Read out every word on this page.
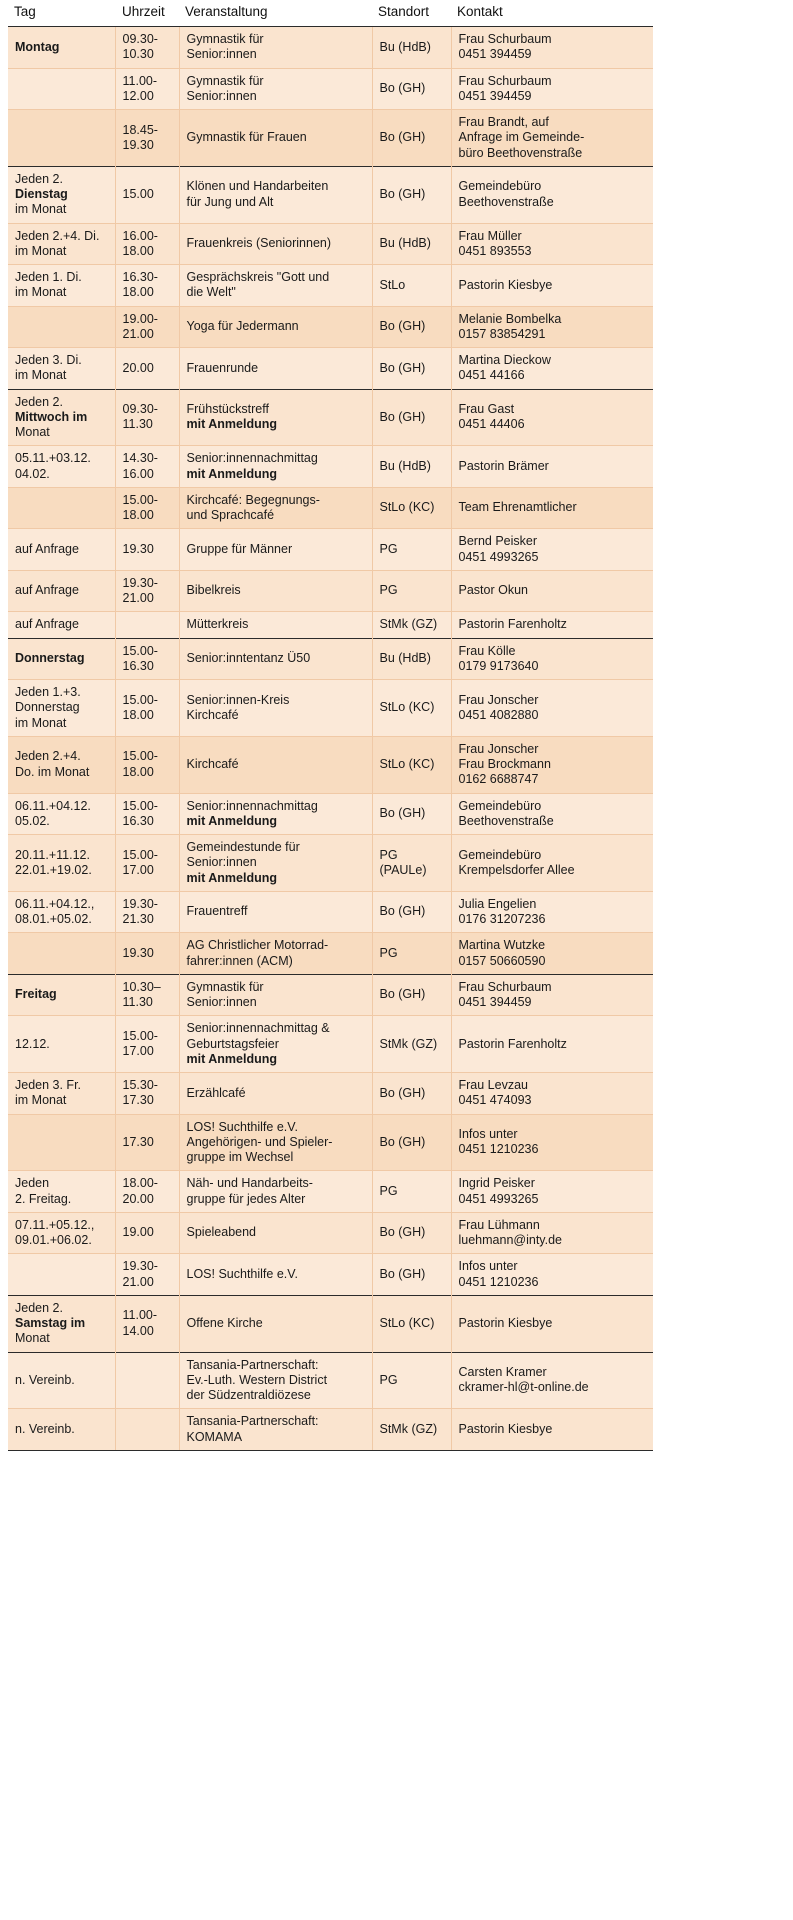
Tag	Uhrzeit	Veranstaltung	Standort	Kontakt

Montag	09.30-
10.30	Gymnastik für
Senior:innen	Bu (HdB)	Frau Schurbaum
0451 394459

	11.00-
12.00	Gymnastik für
Senior:innen	Bo (GH)	Frau Schurbaum
0451 394459

	18.45-
19.30	Gymnastik für Frauen	Bo (GH)	Frau Brandt, auf
Anfrage im Gemeinde-
büro Beethovenstraße

Jeden 2.
Dienstag
im Monat	15.00	Klönen und Handarbeiten
für Jung und Alt	Bo (GH)	Gemeindebüro
Beethovenstraße

Jeden 2.+4. Di.
im Monat	16.00-
18.00	Frauenkreis (Seniorinnen)	Bu (HdB)	Frau Müller
0451 893553

Jeden 1. Di.
im Monat	16.30-
18.00	Gesprächskreis "Gott und
die Welt"	StLo	Pastorin Kiesbye

	19.00-
21.00	Yoga für Jedermann	Bo (GH)	Melanie Bombelka
0157 83854291

Jeden 3. Di.
im Monat	20.00	Frauenrunde	Bo (GH)	Martina Dieckow
0451 44166

Jeden 2.
Mittwoch im
Monat	09.30-
11.30	Frühstückstreff
mit Anmeldung	Bo (GH)	Frau Gast
0451 44406

05.11.+03.12.
04.02.	14.30-
16.00	Senior:innennachmittag
mit Anmeldung	Bu (HdB)	Pastorin Brämer

	15.00-
18.00	Kirchcafé: Begegnungs-
und Sprachcafé	StLo (KC)	Team Ehrenamtlicher

auf Anfrage	19.30	Gruppe für Männer	PG	Bernd Peisker
0451 4993265

auf Anfrage	19.30-
21.00	Bibelkreis	PG	Pastor Okun

auf Anfrage		Mütterkreis	StMk (GZ)	Pastorin Farenholtz

Donnerstag	15.00-
16.30	Senior:inntentanz Ü50	Bu (HdB)	Frau Kölle
0179 9173640

Jeden 1.+3.
Donnerstag
im Monat	15.00-
18.00	Senior:innen-Kreis
Kirchcafé	StLo (KC)	Frau Jonscher
0451 4082880

Jeden 2.+4.
Do. im Monat	15.00-
18.00	Kirchcafé	StLo (KC)	Frau Jonscher
Frau Brockmann
0162 6688747

06.11.+04.12.
05.02.	15.00-
16.30	Senior:innennachmittag
mit Anmeldung	Bo (GH)	Gemeindebüro
Beethovenstraße

20.11.+11.12.
22.01.+19.02.	15.00-
17.00	Gemeindestunde für
Senior:innen
mit Anmeldung	PG
(PAULe)	Gemeindebüro
Krempelsdorfer Allee

06.11.+04.12.,
08.01.+05.02.	19.30-
21.30	Frauentreff	Bo (GH)	Julia Engelien
0176 31207236

	19.30	AG Christlicher Motorrad-
fahrer:innen (ACM)	PG	Martina Wutzke
0157 50660590

Freitag	10.30–
11.30	Gymnastik für
Senior:innen	Bo (GH)	Frau Schurbaum
0451 394459

12.12.	15.00-
17.00	Senior:innennachmittag &
Geburtstagsfeier
mit Anmeldung	StMk (GZ)	Pastorin Farenholtz

Jeden 3. Fr.
im Monat	15.30-
17.30	Erzählcafé	Bo (GH)	Frau Levzau
0451 474093

	17.30	LOS! Suchthilfe e.V.
Angehörigen- und Spieler-
gruppe im Wechsel	Bo (GH)	Infos unter
0451 1210236

Jeden
2. Freitag.	18.00-
20.00	Näh- und Handarbeits-
gruppe für jedes Alter	PG	Ingrid Peisker
0451 4993265

07.11.+05.12.,
09.01.+06.02.	19.00	Spieleabend	Bo (GH)	Frau Lühmann
luehmann@inty.de

	19.30-
21.00	LOS! Suchthilfe e.V.	Bo (GH)	Infos unter
0451 1210236

Jeden 2.
Samstag im
Monat	11.00-
14.00	Offene Kirche	StLo (KC)	Pastorin Kiesbye

n. Vereinb.		Tansania-Partnerschaft:
Ev.-Luth. Western District
der Südzentraldiözese	PG	Carsten Kramer
ckramer-hl@t-online.de

n. Vereinb.		Tansania-Partnerschaft:
KOMAMA	StMk (GZ)	Pastorin Kiesbye
